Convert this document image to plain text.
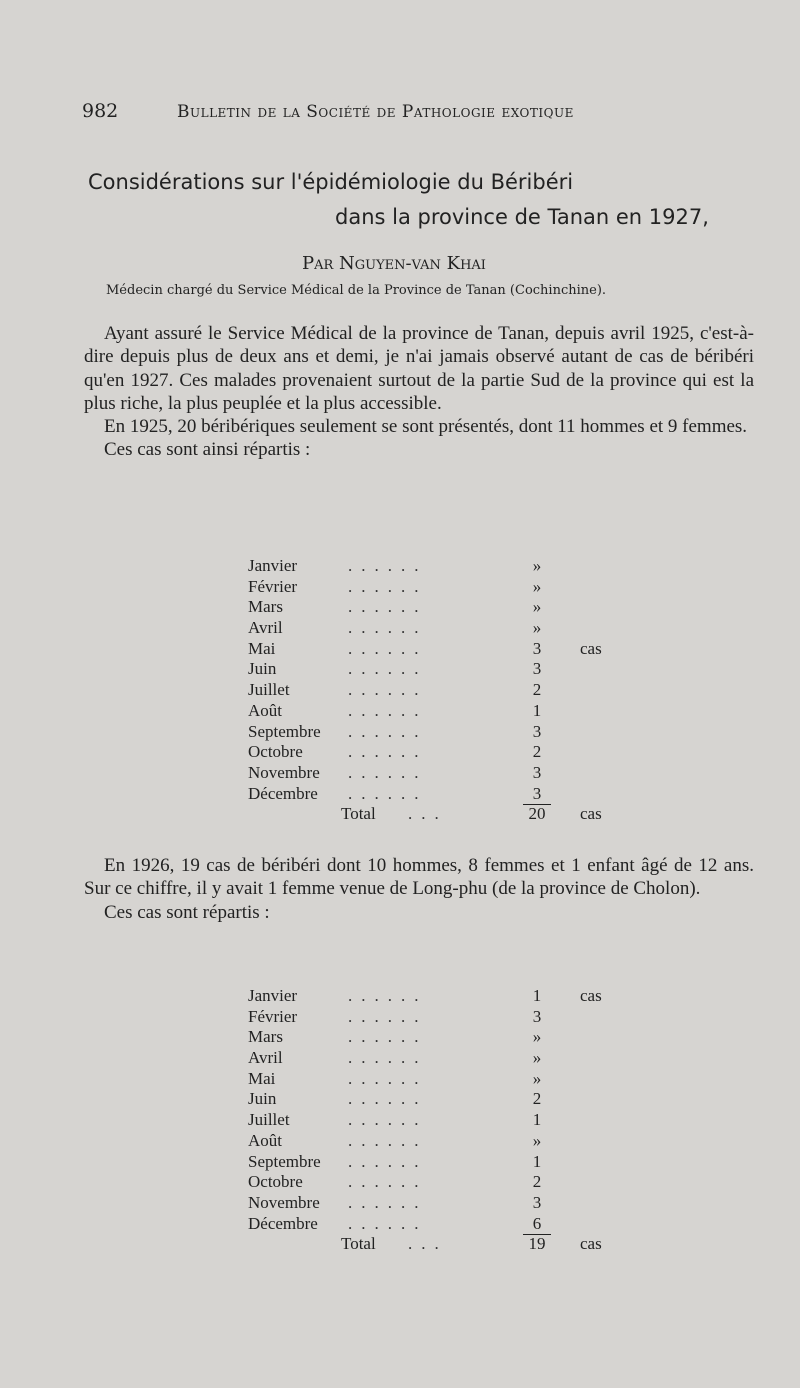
982	Bulletin de la Société de Pathologie exotique
Considérations sur l'épidémiologie du Béribéri
dans la province de Tanan en 1927,
Par Nguyen-van Khai
Médecin chargé du Service Médical de la Province de Tanan (Cochinchine).

Ayant assuré le Service Médical de la province de Tanan, depuis avril 1925, c'est-à-dire depuis plus de deux ans et demi, je n'ai jamais observé autant de cas de béribéri qu'en 1927. Ces malades provenaient surtout de la partie Sud de la province qui est la plus riche, la plus peuplée et la plus accessible.

En 1925, 20 béribériques seulement se sont présentés, dont 11 hommes et 9 femmes.

Ces cas sont ainsi répartis :

Janvier	......	»
Février	......	»
Mars	......	»
Avril	......	»
Mai	......	3	cas
Juin	......	3
Juillet	......	2
Août	......	1
Septembre ......	3
Octobre	......	2
Novembre ......	3
Décembre ......	3
Total ...	20	cas

En 1926, 19 cas de béribéri dont 10 hommes, 8 femmes et 1 enfant âgé de 12 ans. Sur ce chiffre, il y avait 1 femme venue de Long-phu (de la province de Cholon).

Ces cas sont répartis :

Janvier	......	1	cas
Février	......	3
Mars	......	»
Avril	......	»
Mai	......	»
Juin	......	2
Juillet	......	1
Août	......	»
Septembre ......	1
Octobre	......	2
Novembre ......	3
Décembre ......	6
Total ...	19	cas
